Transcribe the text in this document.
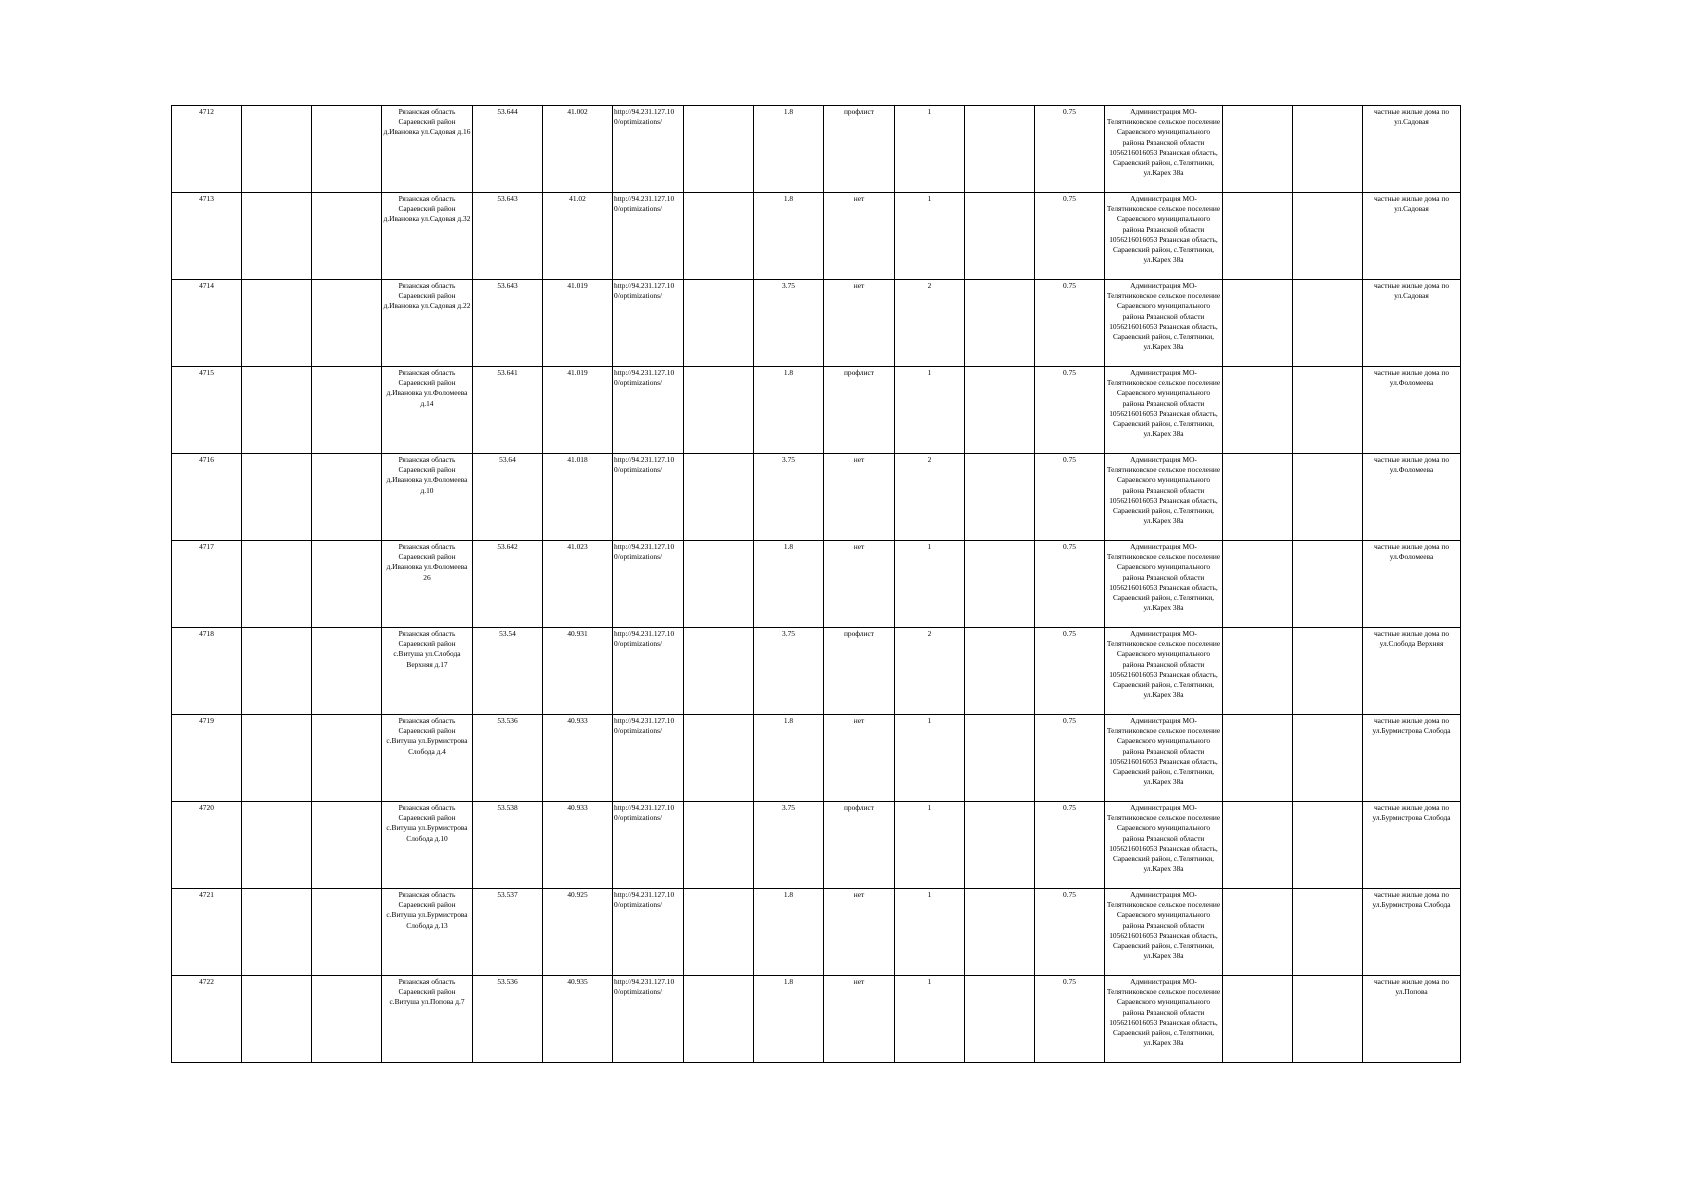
4712			Рязанская область Сараевский район д.Ивановка ул.Садовая д.16	53.644	41.002	http://94.231.127.10 0/optimizations/		1.8	профлист	1		0.75	Администрация МО-Телятниковское сельское поселение Сараевского муниципального района Рязанской области 1056216016053 Рязанская область, Сараевский район, с.Телятники, ул.Карех 38а			частные жилые дома по ул.Садовая
4713			Рязанская область Сараевский район д.Ивановка ул.Садовая д.32	53.643	41.02	http://94.231.127.10 0/optimizations/		1.8	нет	1		0.75	Администрация МО-Телятниковское сельское поселение Сараевского муниципального района Рязанской области 1056216016053 Рязанская область, Сараевский район, с.Телятники, ул.Карех 38а			частные жилые дома по ул.Садовая
4714			Рязанская область Сараевский район д.Ивановка ул.Садовая д.22	53.643	41.019	http://94.231.127.10 0/optimizations/		3.75	нет	2		0.75	Администрация МО-Телятниковское сельское поселение Сараевского муниципального района Рязанской области 1056216016053 Рязанская область, Сараевский район, с.Телятники, ул.Карех 38а			частные жилые дома по ул.Садовая
4715			Рязанская область Сараевский район д.Ивановка ул.Фоломеева д.14	53.641	41.019	http://94.231.127.10 0/optimizations/		1.8	профлист	1		0.75	Администрация МО-Телятниковское сельское поселение Сараевского муниципального района Рязанской области 1056216016053 Рязанская область, Сараевский район, с.Телятники, ул.Карех 38а			частные жилые дома по ул.Фоломеева
4716			Рязанская область Сараевский район д.Ивановка ул.Фоломеева д.10	53.64	41.018	http://94.231.127.10 0/optimizations/		3.75	нет	2		0.75	Администрация МО-Телятниковское сельское поселение Сараевского муниципального района Рязанской области 1056216016053 Рязанская область, Сараевский район, с.Телятники, ул.Карех 38а			частные жилые дома по ул.Фоломеева
4717			Рязанская область Сараевский район д.Ивановка ул.Фоломеева 26	53.642	41.023	http://94.231.127.10 0/optimizations/		1.8	нет	1		0.75	Администрация МО-Телятниковское сельское поселение Сараевского муниципального района Рязанской области 1056216016053 Рязанская область, Сараевский район, с.Телятники, ул.Карех 38а			частные жилые дома по ул.Фоломеева
4718			Рязанская область Сараевский район с.Витуша ул.Слобода Верхняя д.17	53.54	40.931	http://94.231.127.10 0/optimizations/		3.75	профлист	2		0.75	Администрация МО-Телятниковское сельское поселение Сараевского муниципального района Рязанской области 1056216016053 Рязанская область, Сараевский район, с.Телятники, ул.Карех 38а			частные жилые дома по ул.Слобода Верхняя
4719			Рязанская область Сараевский район с.Витуша ул.Бурмистрова Слобода д.4	53.536	40.933	http://94.231.127.10 0/optimizations/		1.8	нет	1		0.75	Администрация МО-Телятниковское сельское поселение Сараевского муниципального района Рязанской области 1056216016053 Рязанская область, Сараевский район, с.Телятники, ул.Карех 38а			частные жилые дома по ул.Бурмистрова Слобода
4720			Рязанская область Сараевский район с.Витуша ул.Бурмистрова Слобода д.10	53.538	40.933	http://94.231.127.10 0/optimizations/		3.75	профлист	1		0.75	Администрация МО-Телятниковское сельское поселение Сараевского муниципального района Рязанской области 1056216016053 Рязанская область, Сараевский район, с.Телятники, ул.Карех 38а			частные жилые дома по ул.Бурмистрова Слобода
4721			Рязанская область Сараевский район с.Витуша ул.Бурмистрова Слобода д.13	53.537	40.925	http://94.231.127.10 0/optimizations/		1.8	нет	1		0.75	Администрация МО-Телятниковское сельское поселение Сараевского муниципального района Рязанской области 1056216016053 Рязанская область, Сараевский район, с.Телятники, ул.Карех 38а			частные жилые дома по ул.Бурмистрова Слобода
4722			Рязанская область Сараевский район с.Витуша ул.Попова д.7	53.536	40.935	http://94.231.127.10 0/optimizations/		1.8	нет	1		0.75	Администрация МО-Телятниковское сельское поселение Сараевского муниципального района Рязанской области 1056216016053 Рязанская область, Сараевский район, с.Телятники, ул.Карех 38а			частные жилые дома по ул.Попова
